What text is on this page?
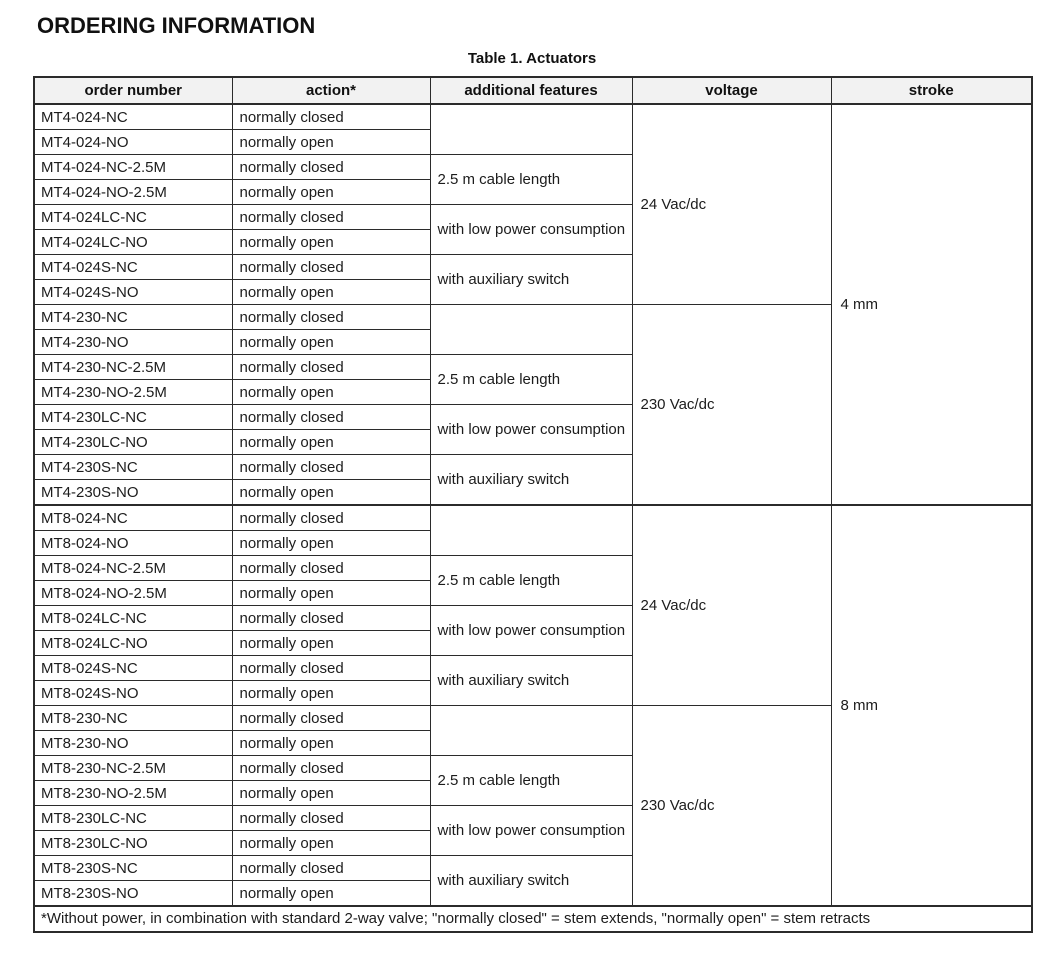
ORDERING INFORMATION
Table 1. Actuators
order number	action*	additional features	voltage	stroke
MT4-024-NC	normally closed		24 Vac/dc	4 mm
MT4-024-NO	normally open			
MT4-024-NC-2.5M	normally closed	2.5 m cable length		
MT4-024-NO-2.5M	normally open			
MT4-024LC-NC	normally closed	with low power consumption		
MT4-024LC-NO	normally open			
MT4-024S-NC	normally closed	with auxiliary switch		
MT4-024S-NO	normally open			
MT4-230-NC	normally closed		230 Vac/dc	
MT4-230-NO	normally open			
MT4-230-NC-2.5M	normally closed	2.5 m cable length		
MT4-230-NO-2.5M	normally open			
MT4-230LC-NC	normally closed	with low power consumption		
MT4-230LC-NO	normally open			
MT4-230S-NC	normally closed	with auxiliary switch		
MT4-230S-NO	normally open			
MT8-024-NC	normally closed		24 Vac/dc	8 mm
MT8-024-NO	normally open			
MT8-024-NC-2.5M	normally closed	2.5 m cable length		
MT8-024-NO-2.5M	normally open			
MT8-024LC-NC	normally closed	with low power consumption		
MT8-024LC-NO	normally open			
MT8-024S-NC	normally closed	with auxiliary switch		
MT8-024S-NO	normally open			
MT8-230-NC	normally closed		230 Vac/dc	
MT8-230-NO	normally open			
MT8-230-NC-2.5M	normally closed	2.5 m cable length		
MT8-230-NO-2.5M	normally open			
MT8-230LC-NC	normally closed	with low power consumption		
MT8-230LC-NO	normally open			
MT8-230S-NC	normally closed	with auxiliary switch		
MT8-230S-NO	normally open			
*Without power, in combination with standard 2-way valve; "normally closed" = stem extends, "normally open" = stem retracts				
